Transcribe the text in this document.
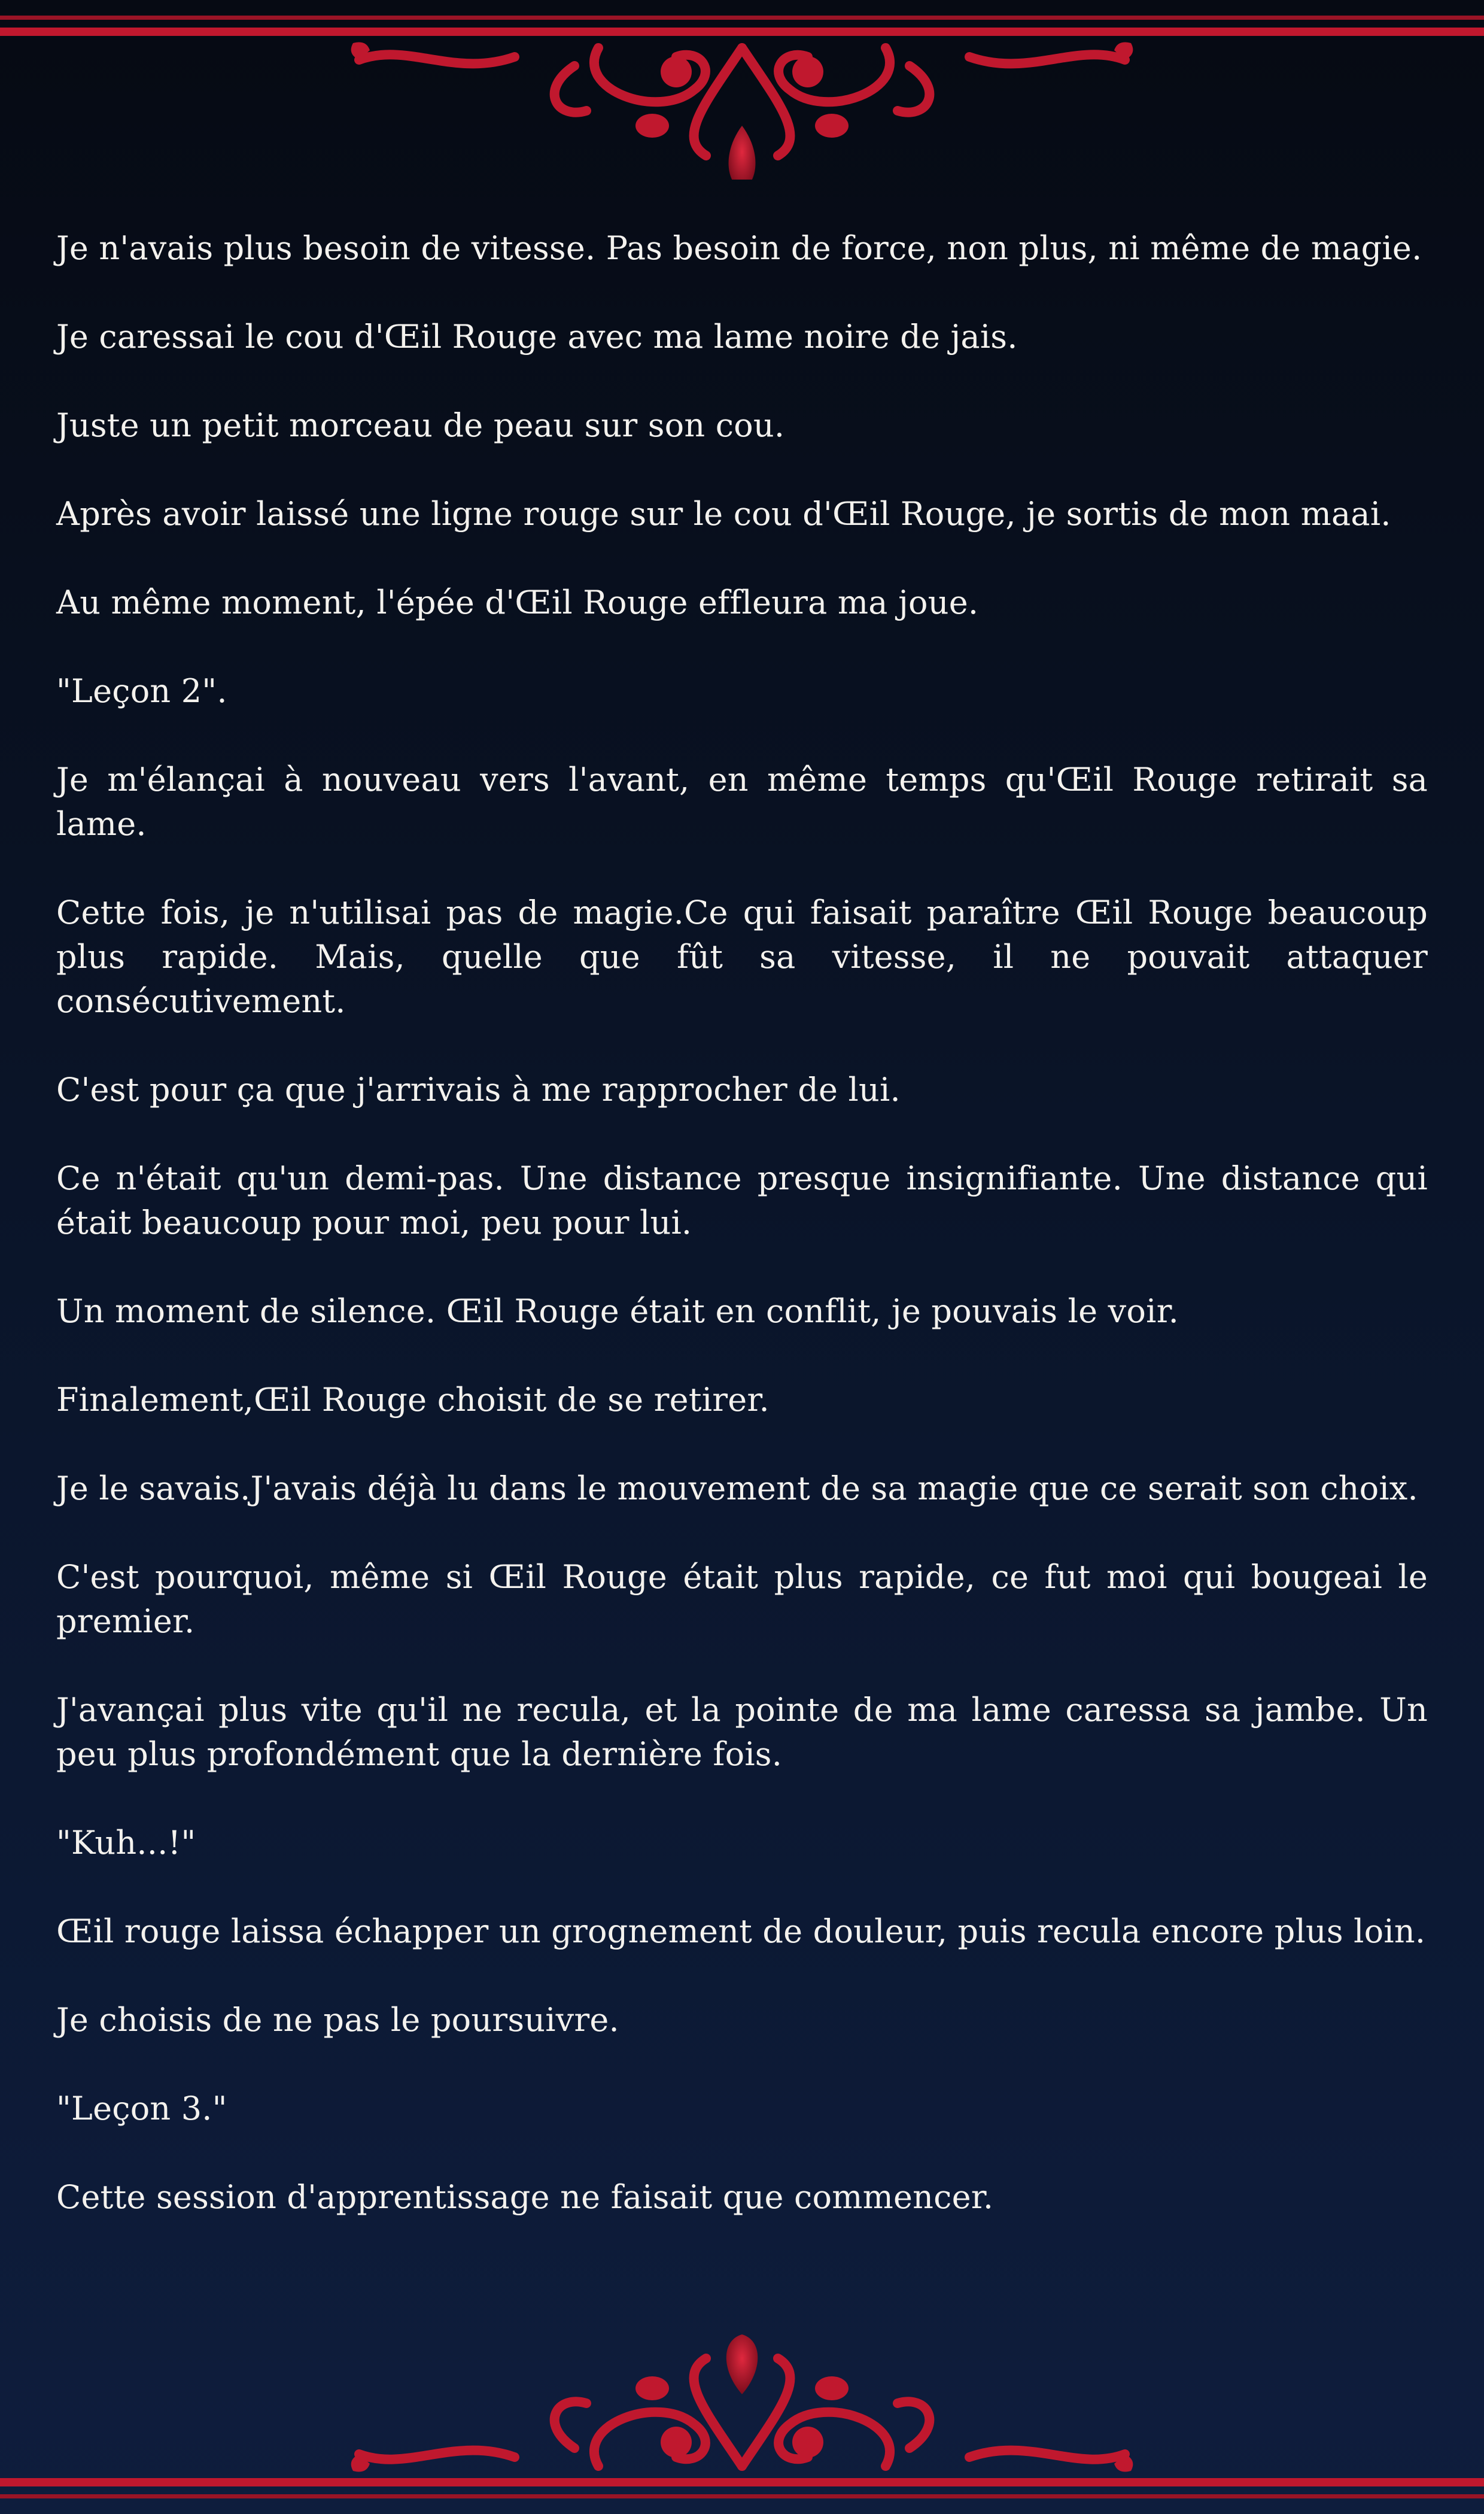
Je n'avais plus besoin de vitesse. Pas besoin de force, non plus, ni même de magie.

Je caressai le cou d'Œil Rouge avec ma lame noire de jais.

Juste un petit morceau de peau sur son cou.

Après avoir laissé une ligne rouge sur le cou d'Œil Rouge, je sortis de mon maai.

Au même moment, l'épée d'Œil Rouge effleura ma joue.

"Leçon 2".

Je m'élançai à nouveau vers l'avant, en même temps qu'Œil Rouge retirait sa lame.

Cette fois, je n'utilisai pas de magie.Ce qui faisait paraître Œil Rouge beaucoup plus rapide. Mais, quelle que fût sa vitesse, il ne pouvait attaquer consécutivement.

C'est pour ça que j'arrivais à me rapprocher de lui.

Ce n'était qu'un demi-pas. Une distance presque insignifiante. Une distance qui était beaucoup pour moi, peu pour lui.

Un moment de silence. Œil Rouge était en conflit, je pouvais le voir.

Finalement,Œil Rouge choisit de se retirer.

Je le savais.J'avais déjà lu dans le mouvement de sa magie que ce serait son choix.

C'est pourquoi, même si Œil Rouge était plus rapide, ce fut moi qui bougeai le premier.

J'avançai plus vite qu'il ne recula, et la pointe de ma lame caressa sa jambe. Un peu plus profondément que la dernière fois.

"Kuh...!"

Œil rouge laissa échapper un grognement de douleur, puis recula encore plus loin.

Je choisis de ne pas le poursuivre.

"Leçon 3."

Cette session d'apprentissage ne faisait que commencer.
